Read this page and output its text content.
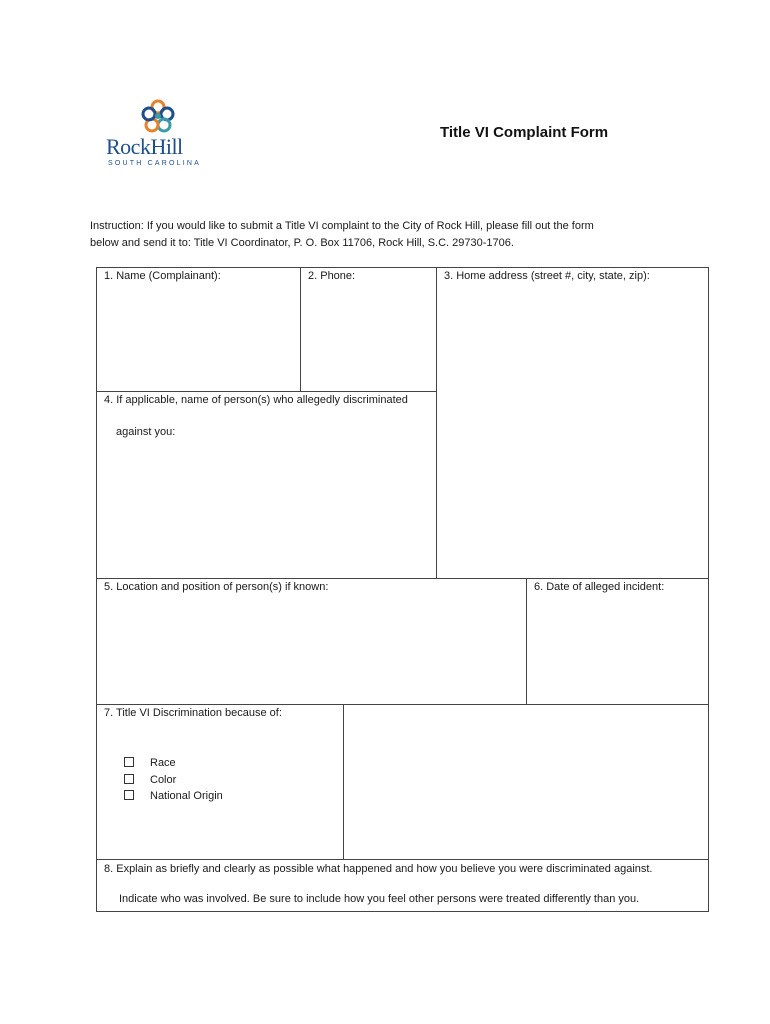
RockHill
SOUTH CAROLINA
Title VI Complaint Form
Instruction: If you would like to submit a Title VI complaint to the City of Rock Hill, please fill out the form
below and send it to: Title VI Coordinator, P. O. Box 11706, Rock Hill, S.C. 29730-1706.
1. Name (Complainant):	2. Phone:	3. Home address (street #, city, state, zip):
4. If applicable, name of person(s) who allegedly discriminated
against you:
5. Location and position of person(s) if known:	6. Date of alleged incident:
7. Title VI Discrimination because of:
Race
Color
National Origin
8. Explain as briefly and clearly as possible what happened and how you believe you were discriminated against.
Indicate who was involved. Be sure to include how you feel other persons were treated differently than you.
